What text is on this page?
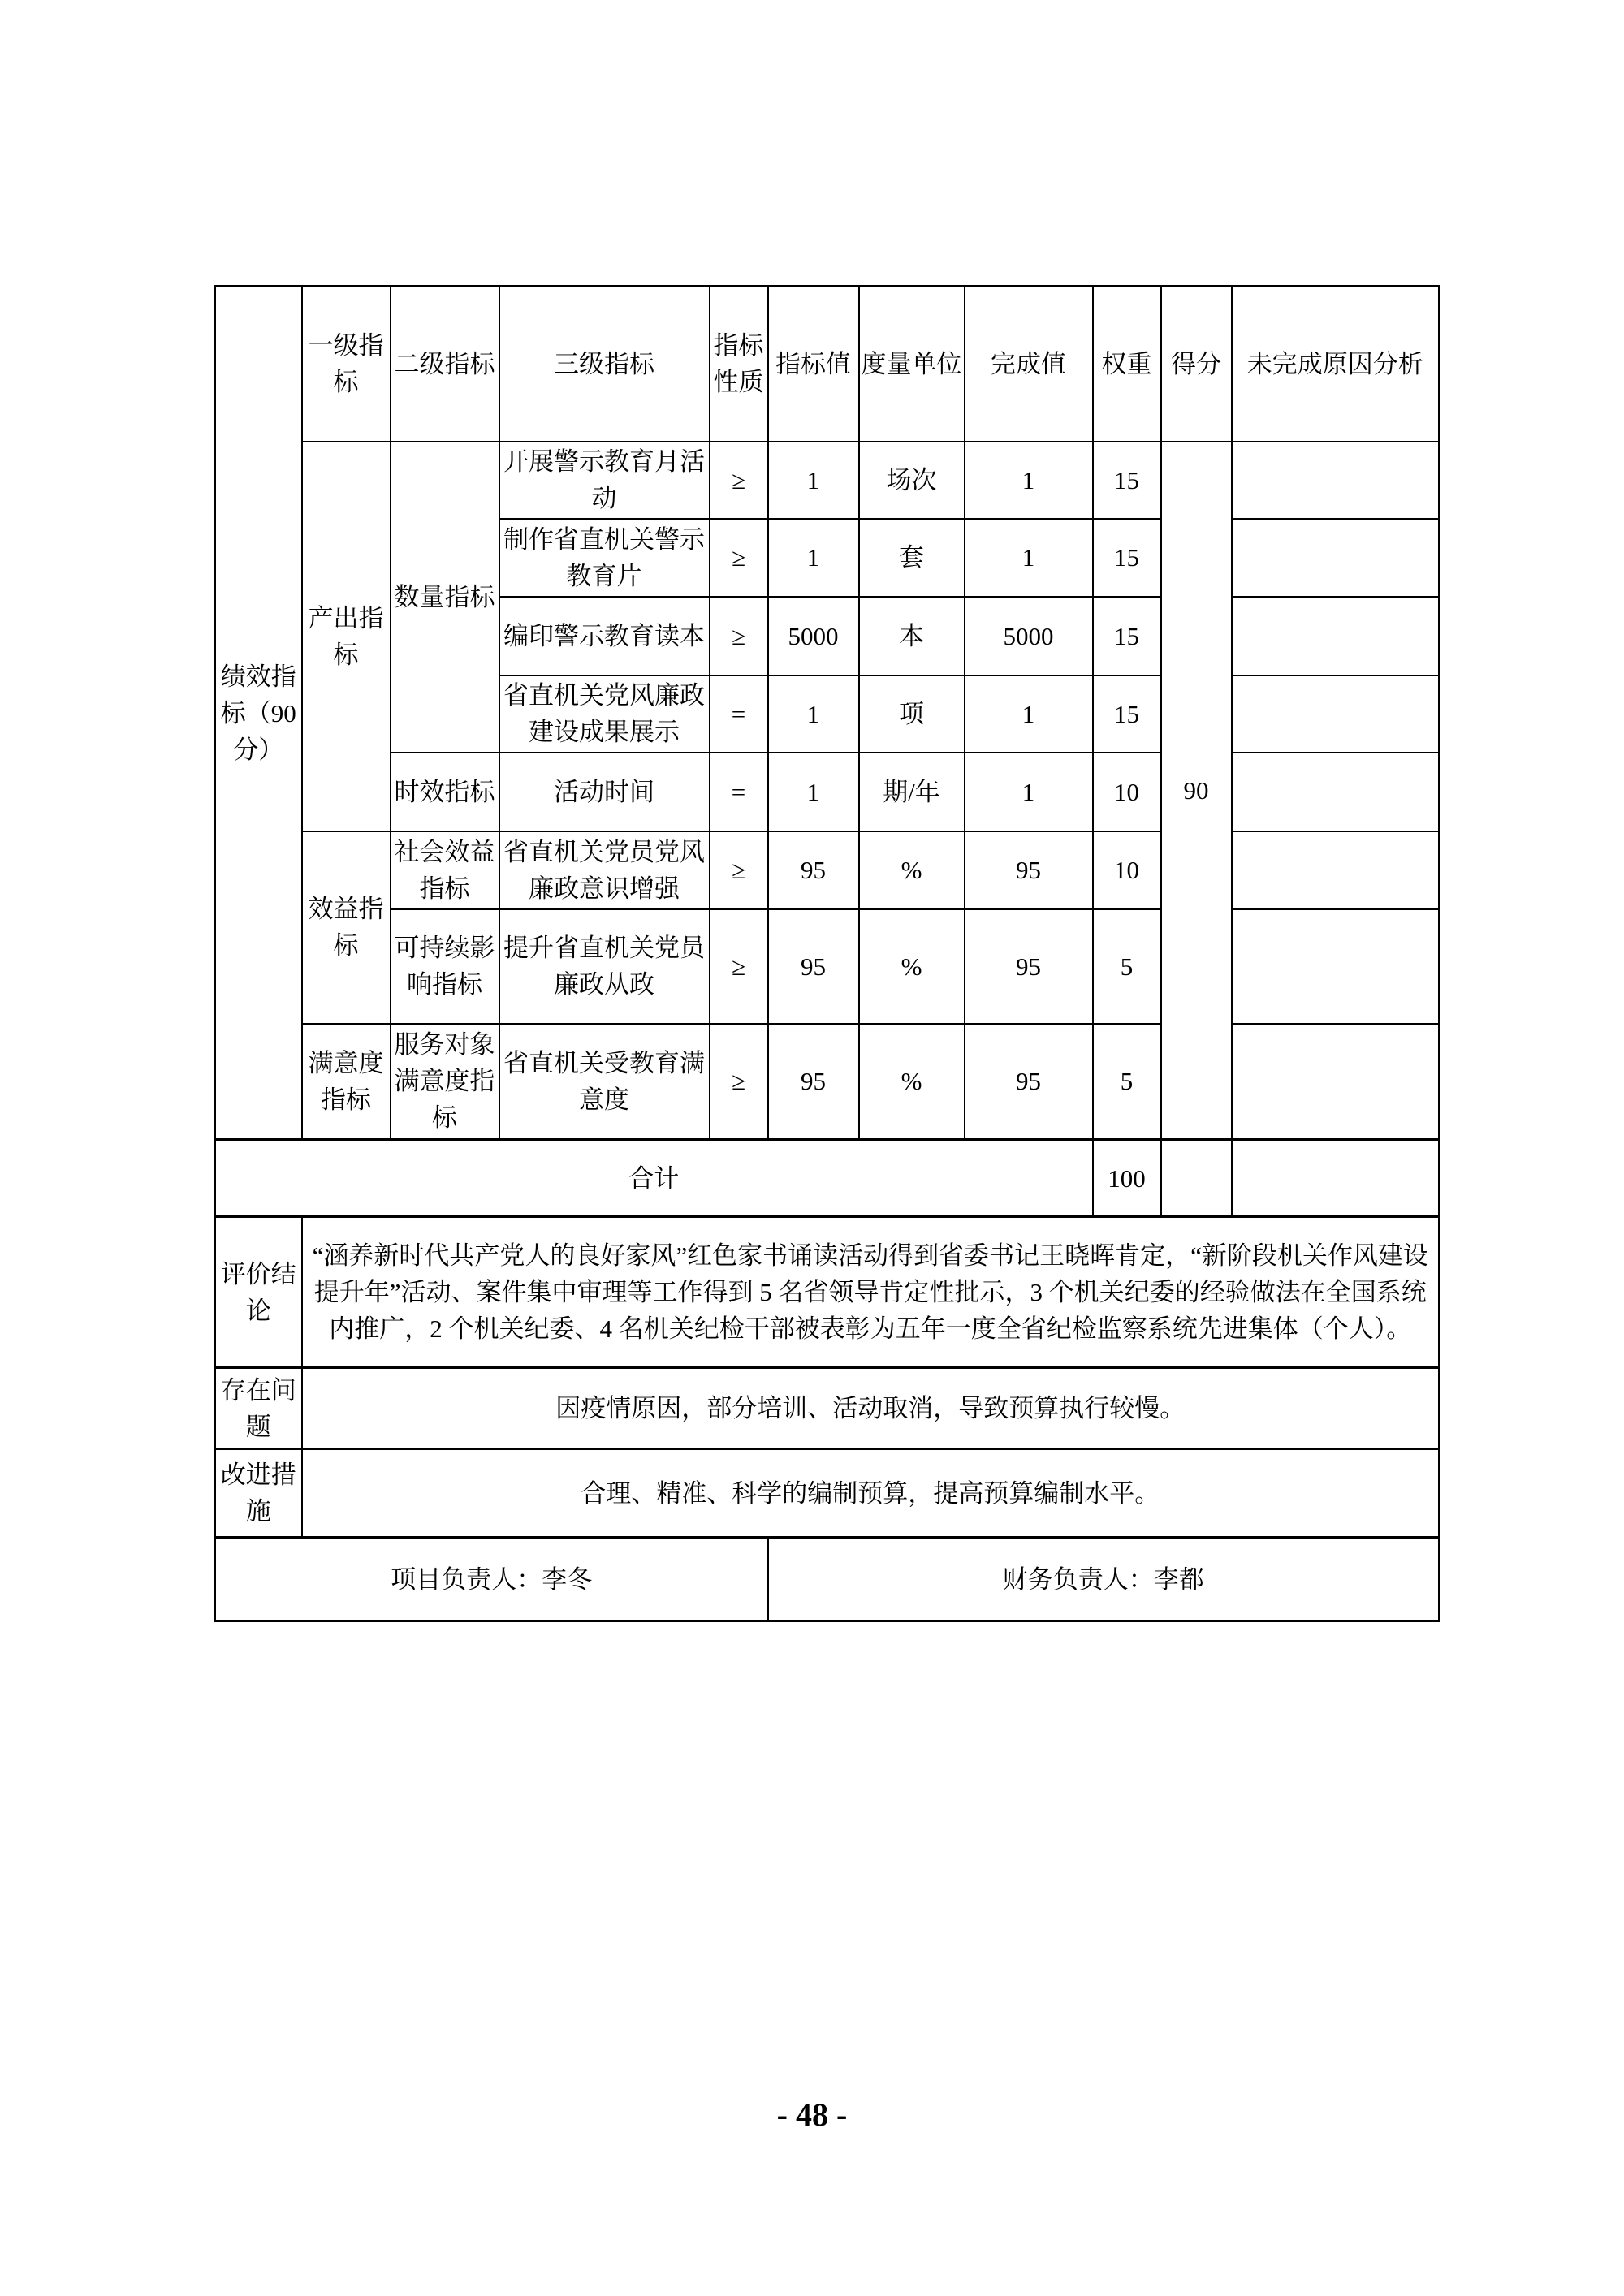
绩效指标（90分）	一级指标	二级指标	三级指标	指标性质	指标值	度量单位	完成值	权重	得分	未完成原因分析
	产出指标	数量指标	开展警示教育月活动	≥	1	场次	1	15	90	
			制作省直机关警示教育片	≥	1	套	1	15		
			编印警示教育读本	≥	5000	本	5000	15		
			省直机关党风廉政建设成果展示	=	1	项	1	15		
		时效指标	活动时间	=	1	期/年	1	10		
	效益指标	社会效益指标	省直机关党员党风廉政意识增强	≥	95	%	95	10		
		可持续影响指标	提升省直机关党员廉政从政	≥	95	%	95	5		
	满意度指标	服务对象满意度指标	省直机关受教育满意度	≥	95	%	95	5		
合计								100		
评价结论	“涵养新时代共产党人的良好家风”红色家书诵读活动得到省委书记王晓晖肯定，“新阶段机关作风建设提升年”活动、案件集中审理等工作得到 5 名省领导肯定性批示，3 个机关纪委的经验做法在全国系统内推广，2 个机关纪委、4 名机关纪检干部被表彰为五年一度全省纪检监察系统先进集体（个人）。									
存在问题	因疫情原因，部分培训、活动取消，导致预算执行较慢。									
改进措施	合理、精准、科学的编制预算，提高预算编制水平。									
项目负责人：李冬					财务负责人：李都					
- 48 -
